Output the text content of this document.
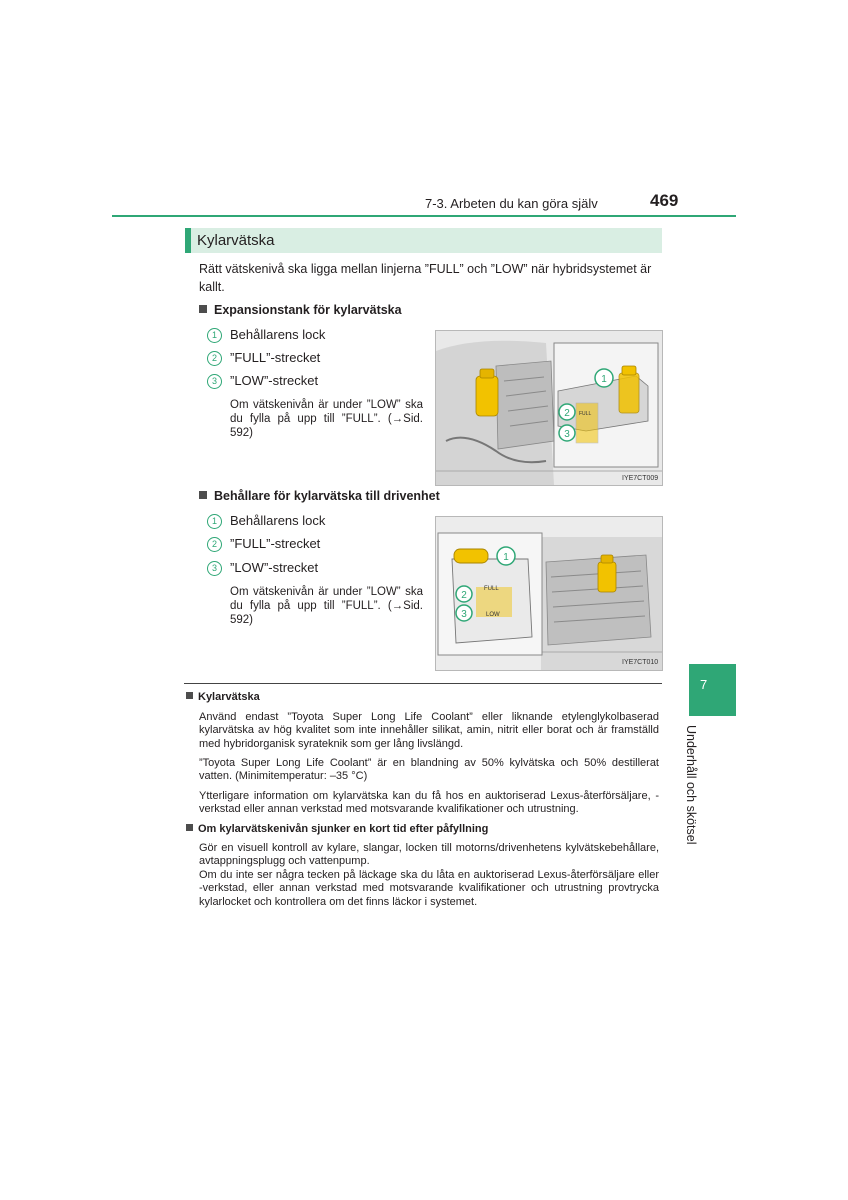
7-3. Arbeten du kan göra själv	469
Kylarvätska
Rätt vätskenivå ska ligga mellan linjerna ”FULL” och ”LOW” när hybridsystemet är kallt.
Expansionstank för kylarvätska
1 Behållarens lock
2 ”FULL”-strecket
3 ”LOW”-strecket
Om vätskenivån är under ”LOW” ska du fylla på upp till ”FULL”. (→Sid. 592)
FULL
1
2
3
IYE7CT009
Behållare för kylarvätska till drivenhet
1 Behållarens lock
2 ”FULL”-strecket
3 ”LOW”-strecket
Om vätskenivån är under ”LOW” ska du fylla på upp till ”FULL”. (→Sid. 592)
FULL
LOW
1
2
3
IYE7CT010
7
Underhåll och skötsel
Kylarvätska
Använd endast ”Toyota Super Long Life Coolant” eller liknande etylenglykolbaserad kylarvätska av hög kvalitet som inte innehåller silikat, amin, nitrit eller borat och är framställd med hybridorganisk syrateknik som ger lång livslängd.
”Toyota Super Long Life Coolant” är en blandning av 50% kylvätska och 50% destillerat vatten. (Minimitemperatur: –35 °C)
Ytterligare information om kylarvätska kan du få hos en auktoriserad Lexus-återförsäljare, -verkstad eller annan verkstad med motsvarande kvalifikationer och utrustning.
Om kylarvätskenivån sjunker en kort tid efter påfyllning
Gör en visuell kontroll av kylare, slangar, locken till motorns/drivenhetens kylvätskebehållare, avtappningsplugg och vattenpump.
Om du inte ser några tecken på läckage ska du låta en auktoriserad Lexus-återförsäljare eller -verkstad, eller annan verkstad med motsvarande kvalifikationer och utrustning provtrycka kylarlocket och kontrollera om det finns läckor i systemet.
